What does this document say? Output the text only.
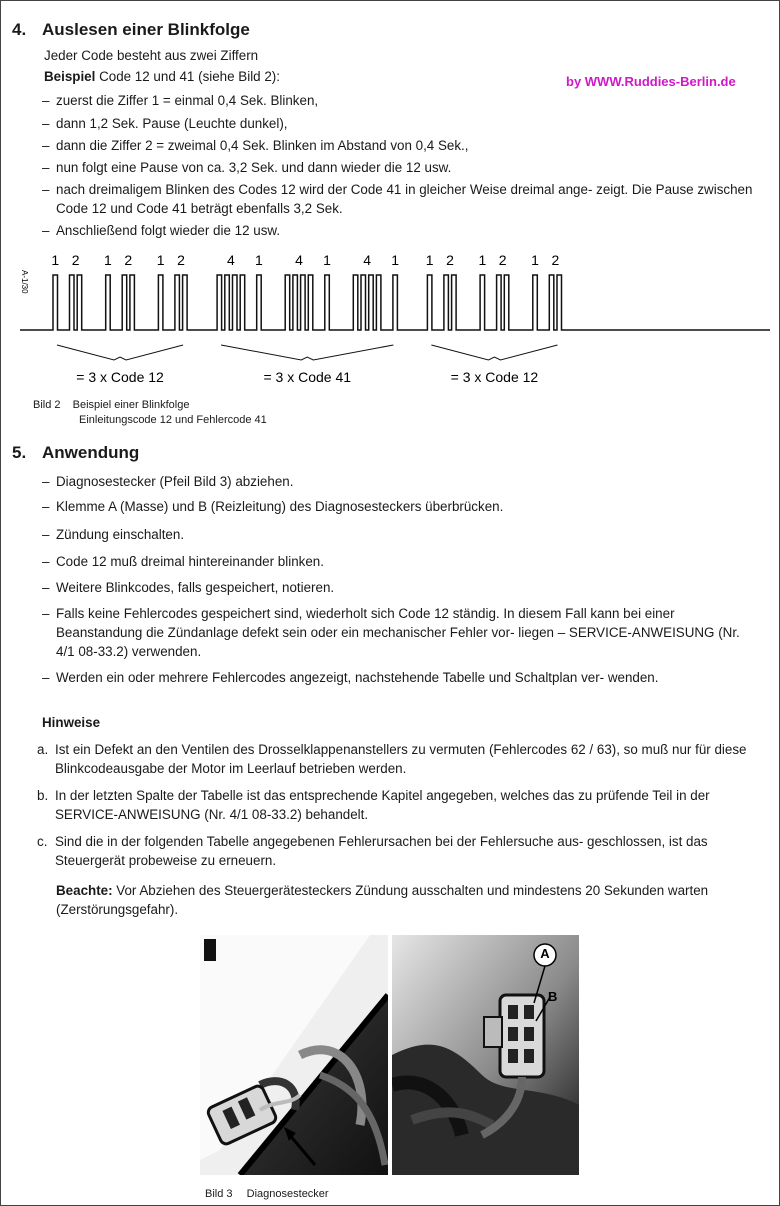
by WWW.Ruddies-Berlin.de
4. Auslesen einer Blinkfolge
Jeder Code besteht aus zwei Ziffern
Beispiel Code 12 und 41 (siehe Bild 2):
– zuerst die Ziffer 1 = einmal 0,4 Sek. Blinken,
– dann 1,2 Sek. Pause (Leuchte dunkel),
– dann die Ziffer 2 = zweimal 0,4 Sek. Blinken im Abstand von 0,4 Sek.,
– nun folgt eine Pause von ca. 3,2 Sek. und dann wieder die 12 usw.
– nach dreimaligem Blinken des Codes 12 wird der Code 41 in gleicher Weise dreimal ange- zeigt. Die Pause zwischen Code 12 und Code 41 beträgt ebenfalls 3,2 Sek.
– Anschließend folgt wieder die 12 usw.
1 2 1 2 1 2	4 1 4 1 4 1 1 2 1 2 1 2
= 3 x Code 12	= 3 x Code 41	= 3 x Code 12
A-1/30
Bild 2 Beispiel einer Blinkfolge
Einleitungscode 12 und Fehlercode 41
5. Anwendung
– Diagnosestecker (Pfeil Bild 3) abziehen.
– Klemme A (Masse) und B (Reizleitung) des Diagnosesteckers überbrücken.
– Zündung einschalten.
– Code 12 muß dreimal hintereinander blinken.
– Weitere Blinkcodes, falls gespeichert, notieren.
– Falls keine Fehlercodes gespeichert sind, wiederholt sich Code 12 ständig. In diesem Fall kann bei einer Beanstandung die Zündanlage defekt sein oder ein mechanischer Fehler vor- liegen – SERVICE-ANWEISUNG (Nr. 4/1 08-33.2) verwenden.
– Werden ein oder mehrere Fehlercodes angezeigt, nachstehende Tabelle und Schaltplan ver- wenden.
Hinweise
a. Ist ein Defekt an den Ventilen des Drosselklappenanstellers zu vermuten (Fehlercodes 62 / 63), so muß nur für diese Blinkcodeausgabe der Motor im Leerlauf betrieben werden.
b. In der letzten Spalte der Tabelle ist das entsprechende Kapitel angegeben, welches das zu prüfende Teil in der SERVICE-ANWEISUNG (Nr. 4/1 08-33.2) behandelt.
c. Sind die in der folgenden Tabelle angegebenen Fehlerursachen bei der Fehlersuche aus- geschlossen, ist das Steuergerät probeweise zu erneuern.
Beachte: Vor Abziehen des Steuergerätesteckers Zündung ausschalten und mindestens 20 Sekunden warten (Zerstörungsgefahr).
11/31	A
B
Bild 3 Diagnosestecker
